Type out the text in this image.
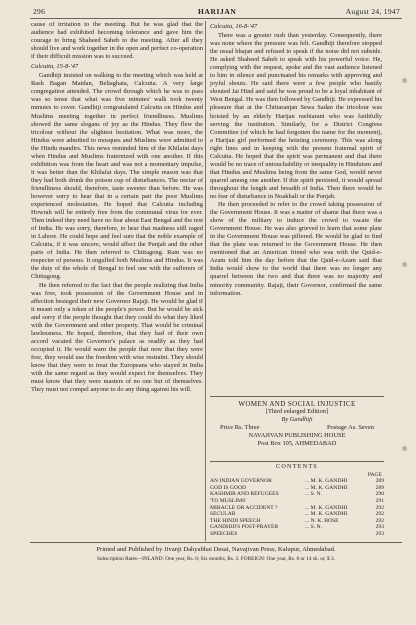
296	HARIJAN	August 24, 1947

cause of irritation to the meeting. But he was glad that the audience had exhibited becoming tolerance and gave him the courage to bring Shaheed Saheb to the meeting. After all they should live and work together in the open and perfect co-operation if their difficult mission was to succeed.

Calcutta, 15-8-'47

Gandhiji insisted on walking to the meeting which was held at Rash Bagan Maidan, Beliaghata, Calcutta. A very large congregation attended. The crowd through which he was to pass was so tense that what was five minutes' walk took twenty minutes to cover. Gandhiji congratulated Calcutta on Hindus and Muslims meeting together in perfect friendliness. Muslims showed the same slogans of joy as the Hindus. They flew the tricolour without the slightest hesitation. What was more, the Hindus were admitted to mosques and Muslims were admitted to the Hindu mandirs. This news reminded him of the Khilafat days when Hindus and Muslims fraternized with one another. If this exhibition was from the heart and was not a momentary impulse, it was better than the Khilafat days. The simple reason was that they had both drunk the poison cup of disturbances. The nectar of friendliness should, therefore, taste sweeter than before. He was however sorry to hear that in a certain part the poor Muslims experienced molestation. He hoped that Calcutta including Howrah will be entirely free from the communal virus for ever. Then indeed they need have no fear about East Bengal and the rest of India. He was sorry, therefore, to hear that madness still raged in Lahore. He could hope and feel sure that the noble example of Calcutta, if it was sincere, would affect the Punjab and the other parts of India. He then referred to Chittagong. Rain was no respecter of persons. It engulfed both Muslims and Hindus. It was the duty of the whole of Bengal to feel one with the sufferers of Chittagong.

He then referred to the fact that the people realizing that India was free, took possession of the Government House and in affection besieged their new Governor Rajaji. He would be glad if it meant only a token of the people's power. But he would be sick and sorry if the people thought that they could do what they liked with the Government and other property. That would be criminal lawlessness. He hoped, therefore, that they had of their own accord vacated the Governor's palace as readily as they had occupied it. He would warn the people that now that they were free, they would use the freedom with wise restraint. They should know that they were to treat the Europeans who stayed in India with the same regard as they would expect for themselves. They must know that they were masters of no one but of themselves. They must not compel anyone to do any thing against his will.

Calcutta, 16-8-'47

There was a greater rush than yesterday. Consequently, there was none where the pressure was felt. Gandhiji therefore stopped the usual bhajan and refused to speak if the noise did not subside. He asked Shaheed Saheb to speak with his powerful voice. He, complying with the request, spoke and the vast audience listened to him in silence and punctuated his remarks with approving and joyful shouts. He said there were a few people who hastily shouted Jai Hind and said he was proud to be a loyal inhabitant of West Bengal. He was then followed by Gandhiji. He expressed his pleasure that at the Chittaranjan Sewa Sadan the tricolour was hoisted by an elderly Harijan mehtarani who was faithfully serving the institution. Similarly, for a District Congress Committee (of which he had forgotten the name for the moment), a Harijan girl performed the hoisting ceremony. This was along right lines and in keeping with the present fraternal spirit of Calcutta. He hoped that the spirit was permanent and that there would be no trace of untouchability or inequality in Hinduism and that Hindus and Muslims being from the same God, would never quarrel among one another. If this spirit persisted, it would spread throughout the length and breadth of India. Then there would be no fear of disturbance in Noakhali or the Punjab.

He then proceeded to refer to the crowd taking possession of the Government House. It was a matter of shame that there was a show of the military to induce the crowd to vacate the Government House. He was also grieved to learn that some plate in the Government House was pilfered. He would be glad to find that the plate was returned to the Government House. He then mentioned that an American friend who was with the Quid-e-Azam told him the day before that the Qaid-e-Azam said that India would show to the world that there was no longer any quarrel between the two and that there was no majority and minority community. Rajaji, their Governor, confirmed the same information.

WOMEN AND SOCIAL INJUSTICE
[Third enlarged Edition]
By Gandhiji
Price Rs. Three	Postage As. Seven
NAVAJIVAN PUBLISHING HOUSE
Post Box 105, AHMEDABAD
CONTENTS
PAGE
AN INDIAN GOVERNOR	... M. K. GANDHI	289
GOD IS GOOD	... M. K. GANDHI	289
KASHMIR AND REFUGEES	... S. N.	290
'TO MUSLIMS'	291
MIRACLE OR ACCIDENT ?	... M. K. GANDHI	292
SECULAR	... M. K. GANDHI	292
THE HINDI SPEECH	... N. K. BOSE	292
GANDHIJI'S POST-PRAYER	... S. N.	293
SPEECHES	293
Printed and Published by Jivanji Dahyabhai Desai, Navajivan Press, Kalupur, Ahmedabad.
Subscription Rates—INLAND: One year, Rs. 6; Six months, Rs. 3. FOREIGN: One year, Rs. 8 or 14 sh. or, $ 3.
